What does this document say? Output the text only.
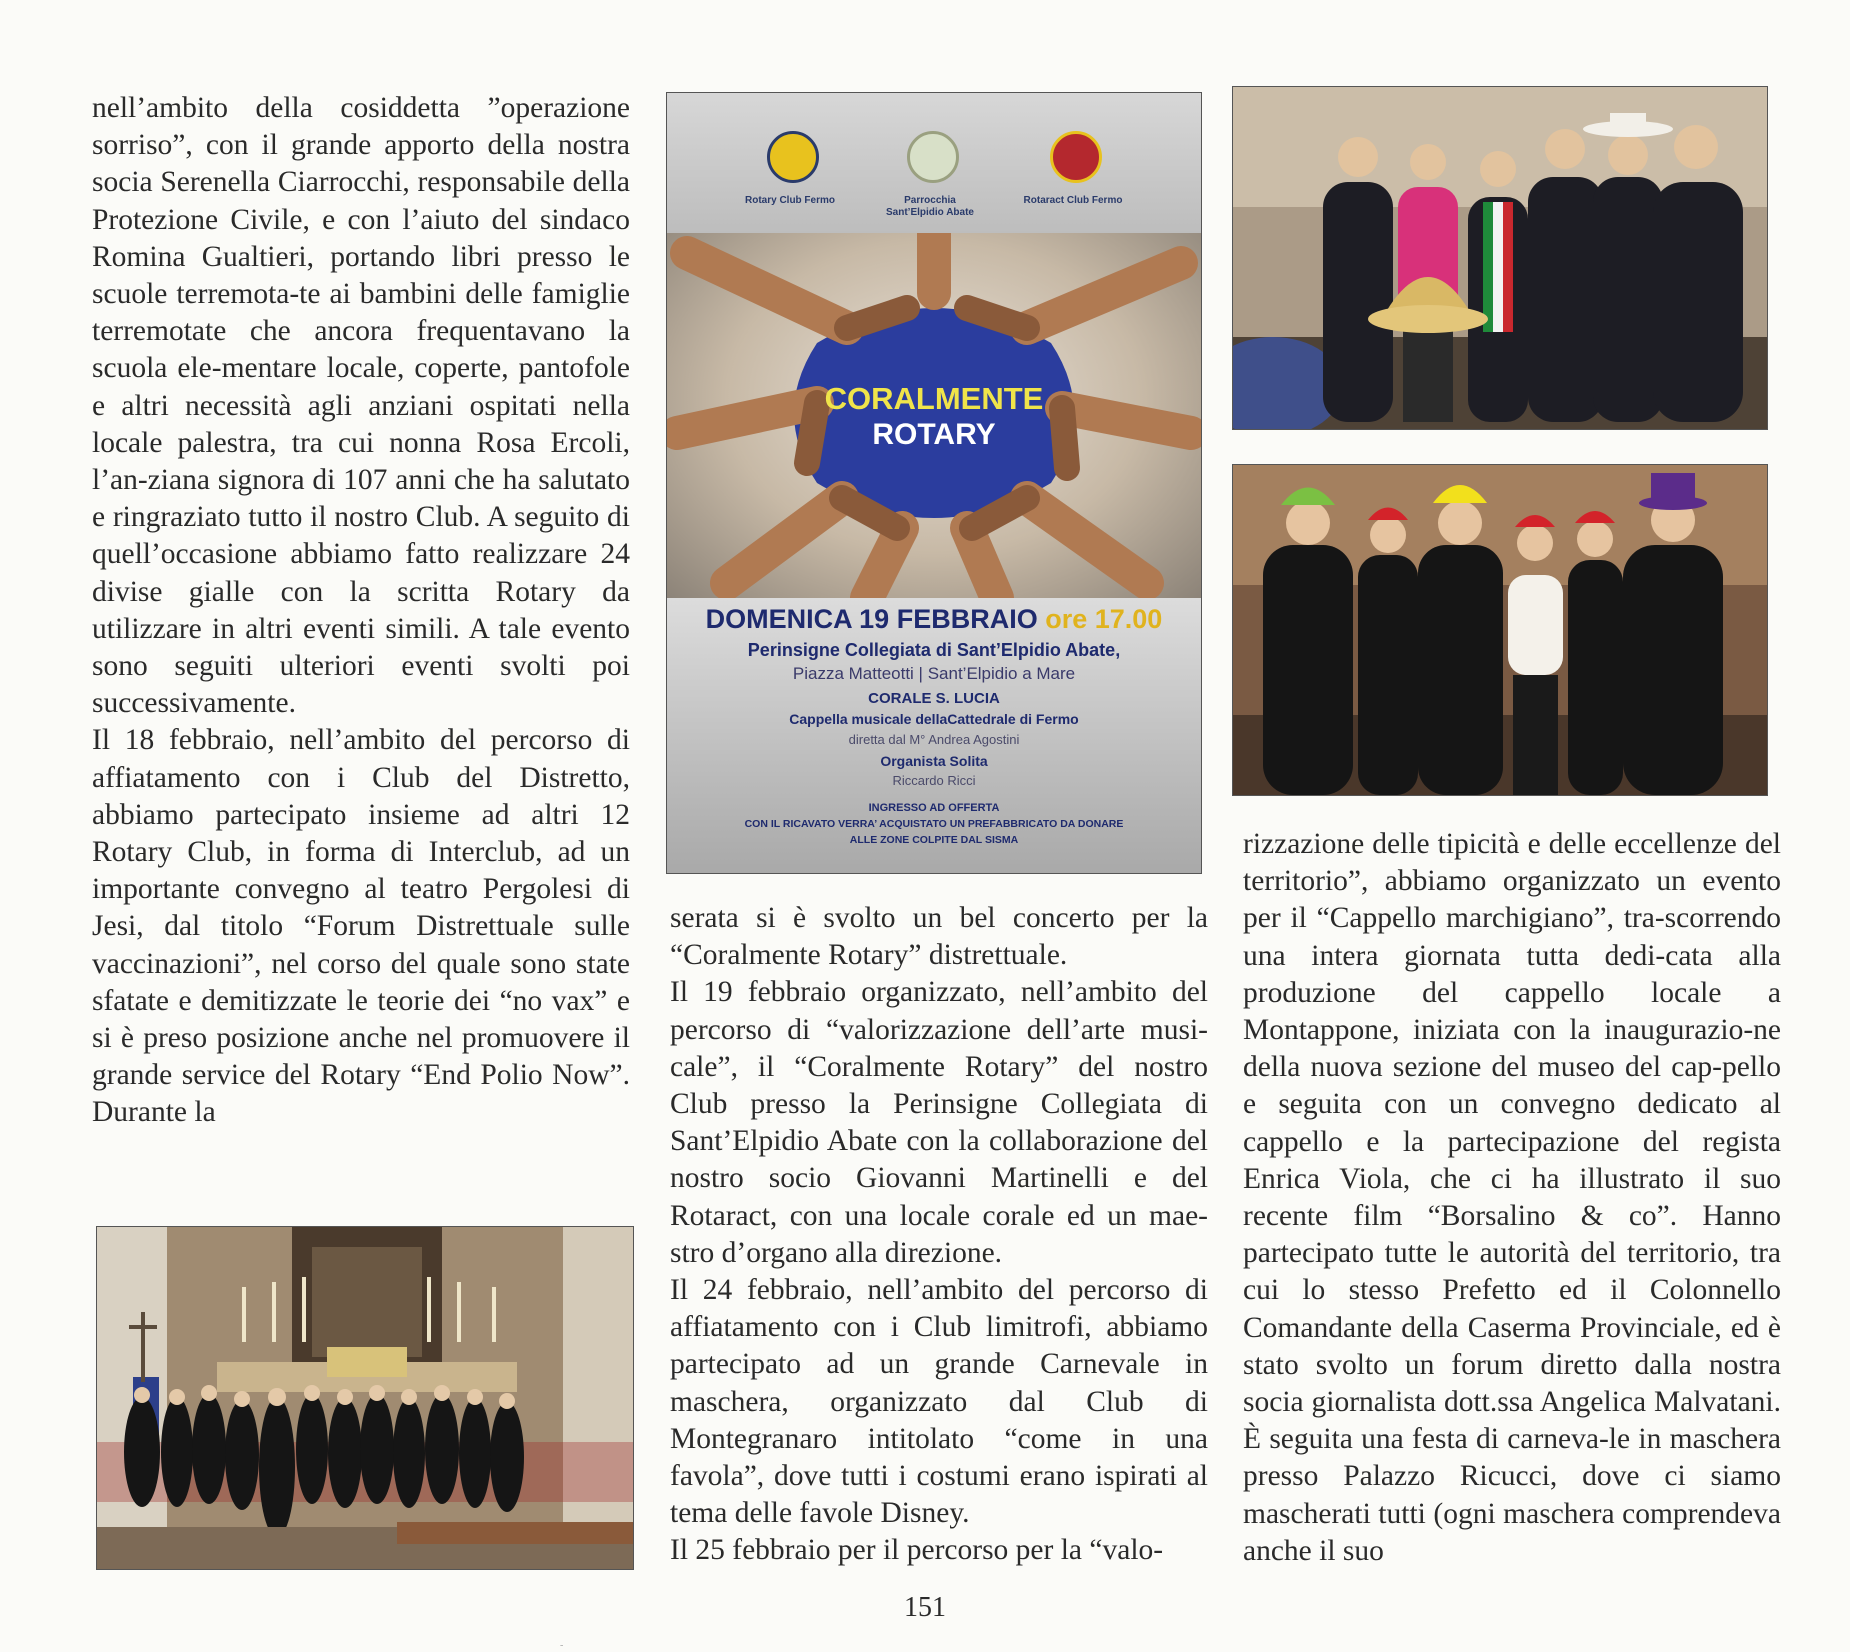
nell’ambito della cosiddetta ”operazione sorriso”, con il grande apporto della nostra socia Serenella Ciarrocchi, responsabile della Protezione Civile, e con l’aiuto del sindaco Romina Gualtieri, portando libri presso le scuole terremota-te ai bambini delle famiglie terremotate che ancora frequentavano la scuola ele-mentare locale, coperte, pantofole e altri necessità agli anziani ospitati nella locale palestra, tra cui nonna Rosa Ercoli, l’an-ziana signora di 107 anni che ha salutato e ringraziato tutto il nostro Club. A seguito di quell’occasione abbiamo fatto realizzare 24 divise gialle con la scritta Rotary da utilizzare in altri eventi simili. A tale evento sono seguiti ulteriori eventi svolti poi successivamente.

Il 18 febbraio, nell’ambito del percorso di affiatamento con i Club del Distretto, abbiamo partecipato insieme ad altri 12 Rotary Club, in forma di Interclub, ad un importante convegno al teatro Pergolesi di Jesi, dal titolo “Forum Distrettuale sulle vaccinazioni”, nel corso del quale sono state sfatate e demitizzate le teorie dei “no vax” e si è preso posizione anche nel promuovere il grande service del Rotary “End Polio Now”. Durante la

Rotary Club Fermo	Parrocchia Sant’Elpidio Abate
Rotaract Club Fermo
CORALMENTE
ROTARY
DOMENICA 19 FEBBRAIO ore 17.00
Perinsigne Collegiata di Sant’Elpidio Abate,
Piazza Matteotti | Sant’Elpidio a Mare
CORALE S. LUCIA
Cappella musicale dellaCattedrale di Fermo
diretta dal M° Andrea Agostini
Organista Solita
Riccardo Ricci
INGRESSO AD OFFERTA
CON IL RICAVATO VERRA’ ACQUISTATO UN PREFABBRICATO DA DONARE
ALLE ZONE COLPITE DAL SISMA

serata si è svolto un bel concerto per la “Coralmente Rotary” distrettuale.

Il 19 febbraio organizzato, nell’ambito del percorso di “valorizzazione dell’arte musi-cale”, il “Coralmente Rotary” del nostro Club presso la Perinsigne Collegiata di Sant’Elpidio Abate con la collaborazione del nostro socio Giovanni Martinelli e del Rotaract, con una locale corale ed un mae-stro d’organo alla direzione.

Il 24 febbraio, nell’ambito del percorso di affiatamento con i Club limitrofi, abbiamo partecipato ad un grande Carnevale in maschera, organizzato dal Club di Montegranaro intitolato “come in una favola”, dove tutti i costumi erano ispirati al tema delle favole Disney.

Il 25 febbraio per il percorso per la “valo-

rizzazione delle tipicità e delle eccellenze del territorio”, abbiamo organizzato un evento per il “Cappello marchigiano”, tra-scorrendo una intera giornata tutta dedi-cata alla produzione del cappello locale a Montappone, iniziata con la inaugurazio-ne della nuova sezione del museo del cap-pello e seguita con un convegno dedicato al cappello e la partecipazione del regista Enrica Viola, che ci ha illustrato il suo recente film “Borsalino & co”. Hanno partecipato tutte le autorità del territorio, tra cui lo stesso Prefetto ed il Colonnello Comandante della Caserma Provinciale, ed è stato svolto un forum diretto dalla nostra socia giornalista dott.ssa Angelica Malvatani. È seguita una festa di carneva-le in maschera presso Palazzo Ricucci, dove ci siamo mascherati tutti (ogni maschera comprendeva anche il suo

151
-
